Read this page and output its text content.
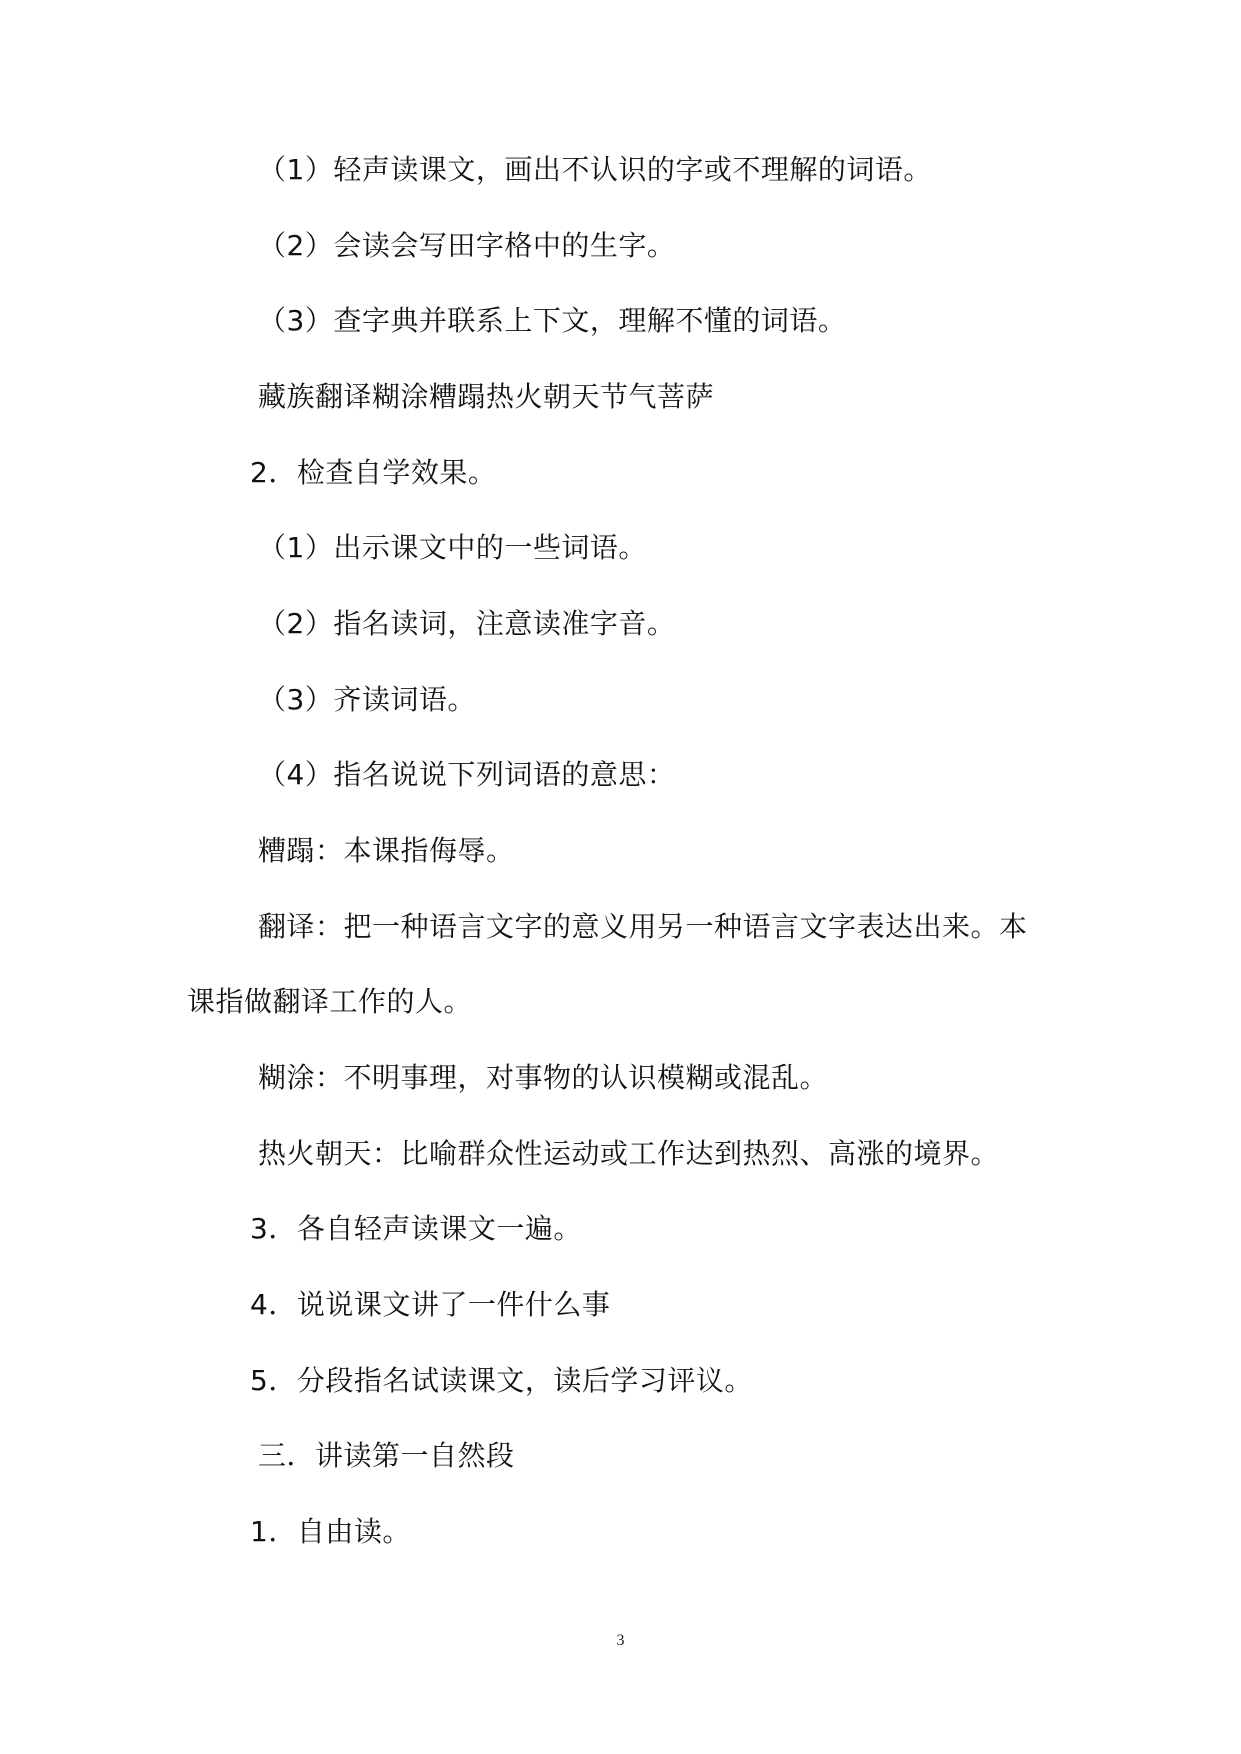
（1）轻声读课文，画出不认识的字或不理解的词语。
（2）会读会写田字格中的生字。
（3）查字典并联系上下文，理解不懂的词语。
藏族翻译糊涂糟蹋热火朝天节气菩萨
2．检查自学效果。
（1）出示课文中的一些词语。
（2）指名读词，注意读准字音。
（3）齐读词语。
（4）指名说说下列词语的意思：
糟蹋：本课指侮辱。
翻译：把一种语言文字的意义用另一种语言文字表达出来。本
课指做翻译工作的人。
糊涂：不明事理，对事物的认识模糊或混乱。
热火朝天：比喻群众性运动或工作达到热烈、高涨的境界。
3．各自轻声读课文一遍。
4．说说课文讲了一件什么事
5．分段指名试读课文，读后学习评议。
三．讲读第一自然段
1．自由读。
3
